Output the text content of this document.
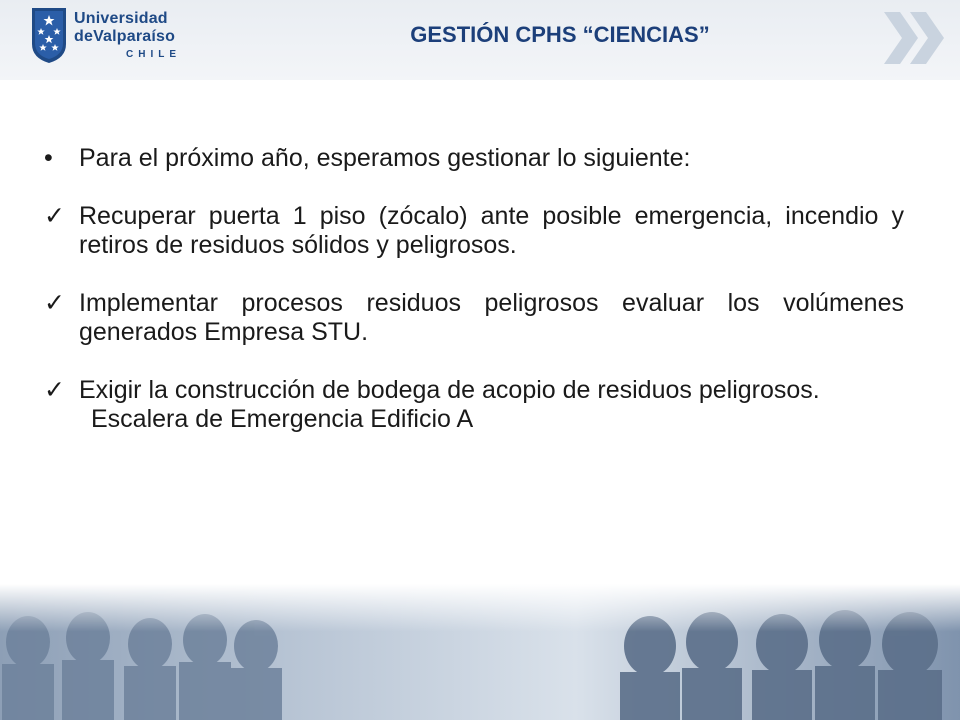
Universidad
deValparaíso
CHILE
GESTIÓN CPHS “CIENCIAS”
•	Para el próximo año, esperamos gestionar lo siguiente:
✓ Recuperar puerta 1 piso (zócalo) ante posible emergencia, incendio y retiros de residuos sólidos y peligrosos.
✓ Implementar procesos residuos peligrosos evaluar los volúmenes generados Empresa STU.
✓ Exigir la construcción de bodega de acopio de residuos peligrosos.
Escalera de Emergencia Edificio A
